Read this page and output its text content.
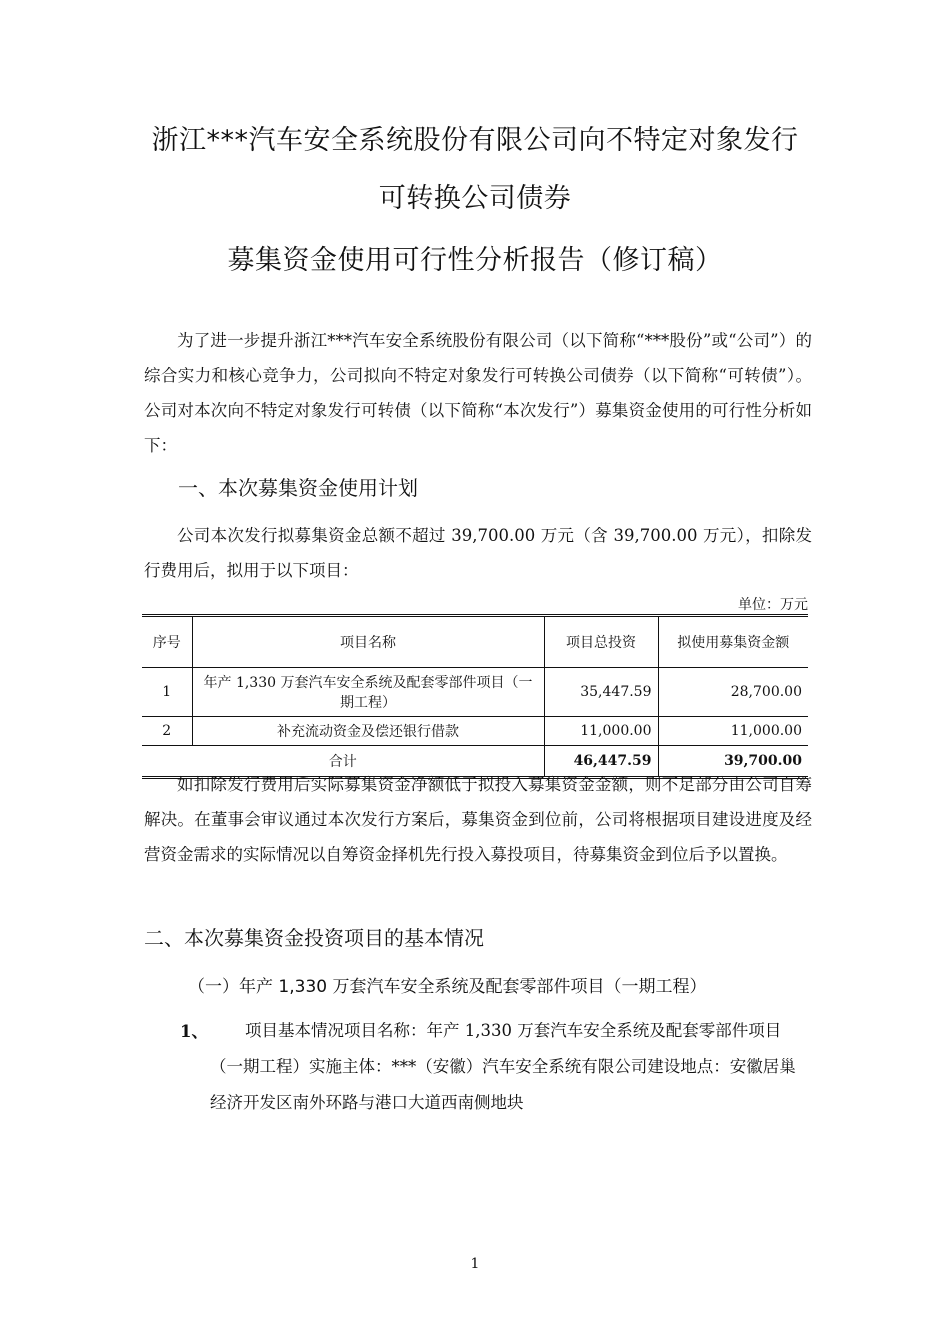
浙江***汽车安全系统股份有限公司向不特定对象发行
可转换公司债券
募集资金使用可行性分析报告（修订稿）
为了进一步提升浙江***汽车安全系统股份有限公司（以下简称“***股份”或“公司”）的综合实力和核心竞争力，公司拟向不特定对象发行可转换公司债券（以下简称“可转债”）。公司对本次向不特定对象发行可转债（以下简称“本次发行”）募集资金使用的可行性分析如下：
一、本次募集资金使用计划
公司本次发行拟募集资金总额不超过 39,700.00 万元（含 39,700.00 万元），扣除发行费用后，拟用于以下项目：
单位：万元
序号	项目名称	项目总投资	拟使用募集资金额
1	年产 1,330 万套汽车安全系统及配套零部件项目（一期工程）	35,447.59	28,700.00
2	补充流动资金及偿还银行借款	11,000.00	11,000.00
合计		46,447.59	39,700.00
如扣除发行费用后实际募集资金净额低于拟投入募集资金金额，则不足部分由公司自筹解决。在董事会审议通过本次发行方案后，募集资金到位前，公司将根据项目建设进度及经营资金需求的实际情况以自筹资金择机先行投入募投项目，待募集资金到位后予以置换。
二、本次募集资金投资项目的基本情况
（一）年产 1,330 万套汽车安全系统及配套零部件项目（一期工程）
1、	项目基本情况项目名称：年产 1,330 万套汽车安全系统及配套零部件项目（一期工程）实施主体：***（安徽）汽车安全系统有限公司建设地点：安徽居巢经济开发区南外环路与港口大道西南侧地块
1
